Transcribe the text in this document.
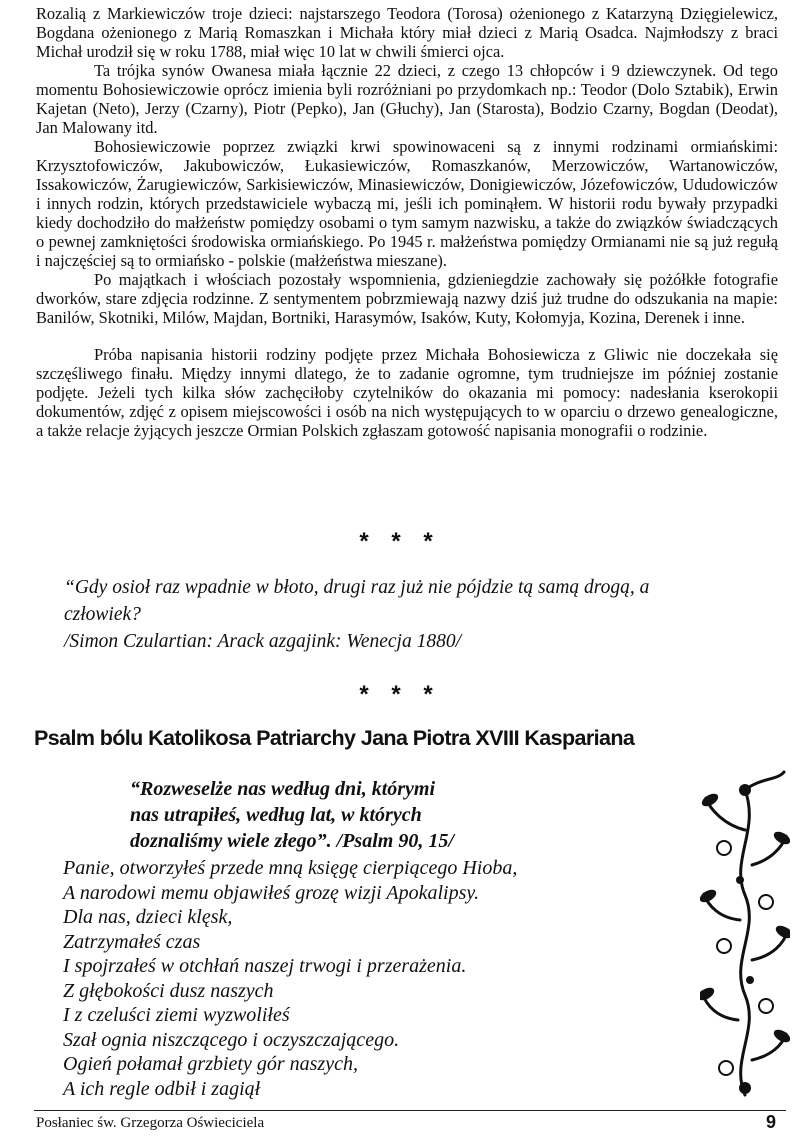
Rozalią z Markiewiczów troje dzieci: najstarszego Teodora (Torosa) ożenionego z Katarzyną Dzięgielewicz, Bogdana ożenionego z Marią Romaszkan i Michała który miał dzieci z Marią Osadca. Najmłodszy z braci Michał urodził się w roku 1788, miał więc 10 lat w chwili śmierci ojca.

Ta trójka synów Owanesa miała łącznie 22 dzieci, z czego 13 chłopców i 9 dziewczynek. Od tego momentu Bohosiewiczowie oprócz imienia byli rozróżniani po przydomkach np.: Teodor (Dolo Sztabik), Erwin Kajetan (Neto), Jerzy (Czarny), Piotr (Pepko), Jan (Głuchy), Jan (Starosta), Bodzio Czarny, Bogdan (Deodat), Jan Malowany itd.

Bohosiewiczowie poprzez związki krwi spowinowaceni są z innymi rodzinami ormiańskimi: Krzysztofowiczów, Jakubowiczów, Łukasiewiczów, Romaszkanów, Merzowiczów, Wartanowiczów, Issakowiczów, Żarugiewiczów, Sarkisiewiczów, Minasiewiczów, Donigiewiczów, Józefowiczów, Ududowiczów i innych rodzin, których przedstawiciele wybaczą mi, jeśli ich pominąłem. W historii rodu bywały przypadki kiedy dochodziło do małżeństw pomiędzy osobami o tym samym nazwisku, a także do związków świadczących o pewnej zamkniętości środowiska ormiańskiego. Po 1945 r. małżeństwa pomiędzy Ormianami nie są już regułą i najczęściej są to ormiańsko - polskie (małżeństwa mieszane).

Po majątkach i włościach pozostały wspomnienia, gdzieniegdzie zachowały się pożółkłe fotografie dworków, stare zdjęcia rodzinne. Z sentymentem pobrzmiewają nazwy dziś już trudne do odszukania na mapie: Banilów, Skotniki, Milów, Majdan, Bortniki, Harasymów, Isaków, Kuty, Kołomyja, Kozina, Derenek i inne.

Próba napisania historii rodziny podjęte przez Michała Bohosiewicza z Gliwic nie doczekała się szczęśliwego finału. Między innymi dlatego, że to zadanie ogromne, tym trudniejsze im później zostanie podjęte. Jeżeli tych kilka słów zachęciłoby czytelników do okazania mi pomocy: nadesłania kserokopii dokumentów, zdjęć z opisem miejscowości i osób na nich występujących to w oparciu o drzewo genealogiczne, a także relacje żyjących jeszcze Ormian Polskich zgłaszam gotowość napisania monografii o rodzinie.

* * *
“Gdy osioł raz wpadnie w błoto, drugi raz już nie pójdzie tą samą drogą, a
człowiek?
/Simon Czulartian: Arack azgajink: Wenecja 1880/
* * *
Psalm bólu Katolikosa Patriarchy Jana Piotra XVIII Kaspariana
“Rozweselże nas według dni, którymi
nas utrapiłeś, według lat, w których
doznaliśmy wiele złego”. /Psalm 90, 15/
Panie, otworzyłeś przede mną księgę cierpiącego Hioba,
A narodowi memu objawiłeś grozę wizji Apokalipsy.
Dla nas, dzieci klęsk,
Zatrzymałeś czas
I spojrzałeś w otchłań naszej trwogi i przerażenia.
Z głębokości dusz naszych
I z czeluści ziemi wyzwoliłeś
Szał ognia niszczącego i oczyszczającego.
Ogień połamał grzbiety gór naszych,
A ich regle odbił i zagiął
Posłaniec św. Grzegorza Oświeciciela	9
